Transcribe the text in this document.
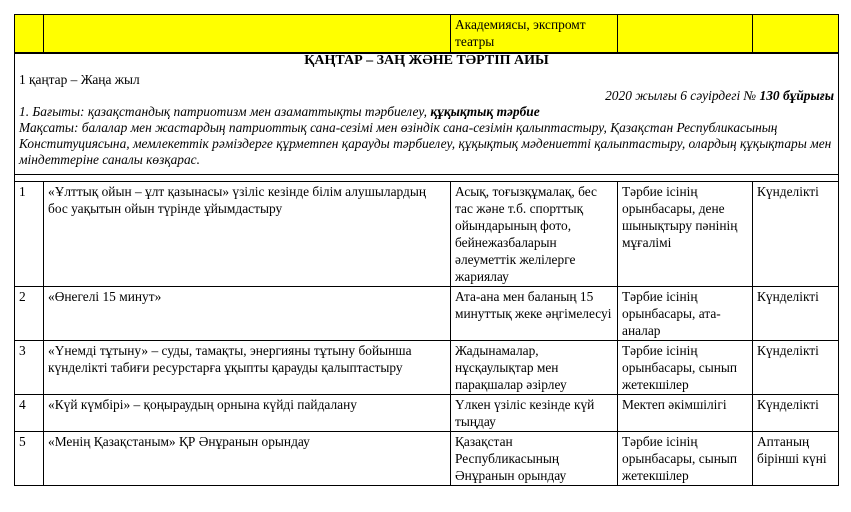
		Академиясы, экспромт театры		
ҚАҢТАР – ЗАҢ ЖӘНЕ ТӘРТІП АЙЫ
1 қаңтар – Жаңа жыл
2020 жылғы 6 сәуірдегі № 130 бұйрығы
1. Бағыты: қазақстандық патриотизм мен азаматтықты тәрбиелеу, құқықтық тәрбие
Мақсаты: балалар мен жастардың патриоттық сана-сезімі мен өзіндік сана-сезімін қалыптастыру, Қазақстан Республикасының Конституциясына, мемлекеттік рәміздерге құрметпен қарауды тәрбиелеу, құқықтық мәдениетті қалыптастыру, олардың құқықтары мен міндеттеріне саналы көзқарас.				

1	«Ұлттық ойын – ұлт қазынасы» үзіліс кезінде білім алушылардың бос уақытын ойын түрінде ұйымдастыру	Асық, тоғызқұмалақ, бес тас және т.б. спорттық ойындарының фото, бейнежазбаларын әлеуметтік желілерге жариялау	Тәрбие ісінің орынбасары, дене шынықтыру пәнінің мұғалімі	Күнделікті
2	«Өнегелі 15 минут»	Ата-ана мен баланың 15 минуттық жеке әңгімелесуі	Тәрбие ісінің орынбасары, ата-аналар	Күнделікті
3	«Үнемді тұтыну» – суды, тамақты, энергияны тұтыну бойынша күнделікті табиғи ресурстарға ұқыпты қарауды қалыптастыру	Жадынамалар, нұсқаулықтар мен парақшалар әзірлеу	Тәрбие ісінің орынбасары, сынып жетекшілер	Күнделікті
4	«Күй күмбірі» – қоңыраудың орнына күйді пайдалану	Үлкен үзіліс кезінде күй тыңдау	Мектеп әкімшілігі	Күнделікті
5	«Менің Қазақстаным» ҚР Әнұранын орындау	Қазақстан Республикасының Әнұранын орындау	Тәрбие ісінің орынбасары, сынып жетекшілер	Аптаның бірінші күні
